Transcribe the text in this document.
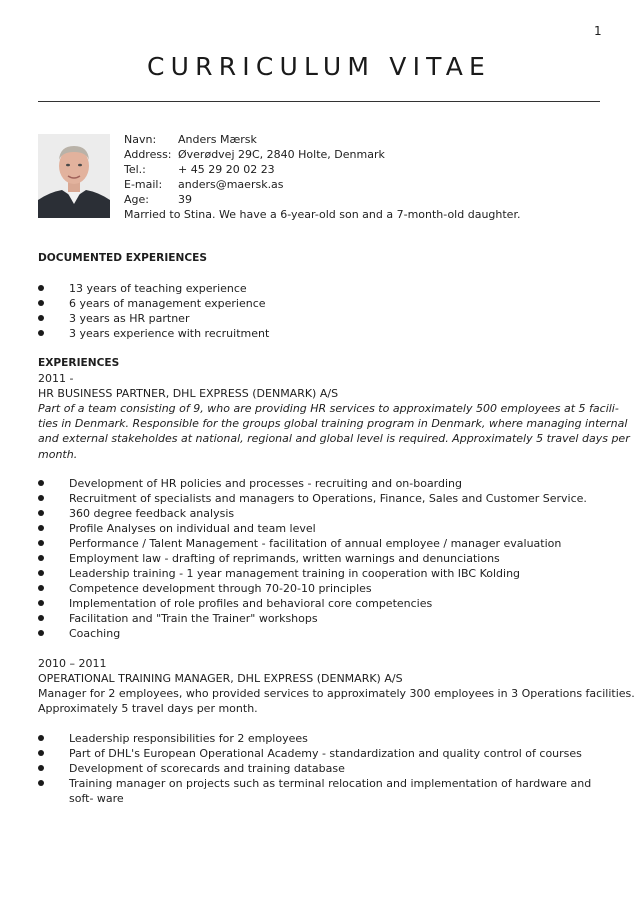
1
CURRICULUM VITAE
Navn: Anders Mærsk
Address: Øverødvej 29C, 2840 Holte, Denmark
Tel.:	+ 45 29 20 02 23
E-mail: anders@maersk.as
Age:	39
Married to Stina. We have a 6-year-old son and a 7-month-old daughter.
DOCUMENTED EXPERIENCES
13 years of teaching experience
6 years of management experience
3 years as HR partner
3 years experience with recruitment
EXPERIENCES
2011 -
HR BUSINESS PARTNER, DHL EXPRESS (DENMARK) A/S
Part of a team consisting of 9, who are providing HR services to approximately 500 employees at 5 facili-
ties in Denmark. Responsible for the groups global training program in Denmark, where managing internal
and external stakeholdes at national, regional and global level is required. Approximately 5 travel days per
month.
Development of HR policies and processes - recruiting and on-boarding
Recruitment of specialists and managers to Operations, Finance, Sales and Customer Service.
360 degree feedback analysis
Profile Analyses on individual and team level
Performance / Talent Management - facilitation of annual employee / manager evaluation
Employment law - drafting of reprimands, written warnings and denunciations
Leadership training - 1 year management training in cooperation with IBC Kolding
Competence development through 70-20-10 principles
Implementation of role profiles and behavioral core competencies
Facilitation and "Train the Trainer" workshops
Coaching
2010 – 2011
OPERATIONAL TRAINING MANAGER, DHL EXPRESS (DENMARK) A/S
Manager for 2 employees, who provided services to approximately 300 employees in 3 Operations facilities.
Approximately 5 travel days per month.
Leadership responsibilities for 2 employees
Part of DHL's European Operational Academy - standardization and quality control of courses
Development of scorecards and training database
Training manager on projects such as terminal relocation and implementation of hardware and soft- ware
